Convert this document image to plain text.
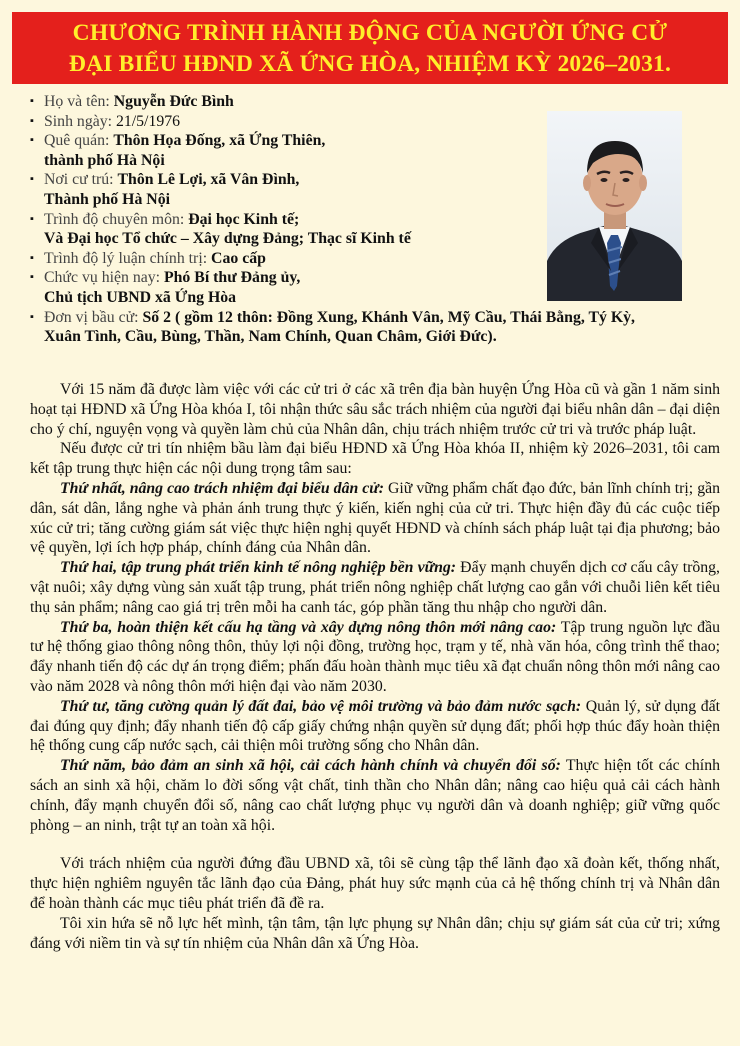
CHƯƠNG TRÌNH HÀNH ĐỘNG CỦA NGƯỜI ỨNG CỬ
ĐẠI BIỂU HĐND XÃ ỨNG HÒA, NHIỆM KỲ 2026–2031.
▪ Họ và tên: Nguyễn Đức Bình
▪ Sinh ngày: 21/5/1976
▪ Quê quán: Thôn Họa Đống, xã Ứng Thiên,
thành phố Hà Nội
▪ Nơi cư trú: Thôn Lê Lợi, xã Vân Đình,
Thành phố Hà Nội
▪ Trình độ chuyên môn: Đại học Kinh tế;
Và Đại học Tổ chức – Xây dựng Đảng; Thạc sĩ Kinh tế
▪ Trình độ lý luận chính trị: Cao cấp
▪ Chức vụ hiện nay: Phó Bí thư Đảng ủy,
Chủ tịch UBND xã Ứng Hòa
▪ Đơn vị bầu cử: Số 2 ( gồm 12 thôn: Đồng Xung, Khánh Vân, Mỹ Cầu, Thái Bằng, Tý Kỳ,
Xuân Tình, Cầu, Bùng, Thần, Nam Chính, Quan Châm, Giới Đức).

Với 15 năm đã được làm việc với các cử tri ở các xã trên địa bàn huyện Ứng Hòa cũ và gần 1 năm sinh hoạt tại HĐND xã Ứng Hòa khóa I, tôi nhận thức sâu sắc trách nhiệm của người đại biểu nhân dân – đại diện cho ý chí, nguyện vọng và quyền làm chủ của Nhân dân, chịu trách nhiệm trước cử tri và trước pháp luật.

Nếu được cử tri tín nhiệm bầu làm đại biểu HĐND xã Ứng Hòa khóa II, nhiệm kỳ 2026–2031, tôi cam kết tập trung thực hiện các nội dung trọng tâm sau:

Thứ nhất, nâng cao trách nhiệm đại biểu dân cử: Giữ vững phẩm chất đạo đức, bản lĩnh chính trị; gần dân, sát dân, lắng nghe và phản ánh trung thực ý kiến, kiến nghị của cử tri. Thực hiện đầy đủ các cuộc tiếp xúc cử tri; tăng cường giám sát việc thực hiện nghị quyết HĐND và chính sách pháp luật tại địa phương; bảo vệ quyền, lợi ích hợp pháp, chính đáng của Nhân dân.

Thứ hai, tập trung phát triển kinh tế nông nghiệp bền vững: Đẩy mạnh chuyển dịch cơ cấu cây trồng, vật nuôi; xây dựng vùng sản xuất tập trung, phát triển nông nghiệp chất lượng cao gắn với chuỗi liên kết tiêu thụ sản phẩm; nâng cao giá trị trên mỗi ha canh tác, góp phần tăng thu nhập cho người dân.

Thứ ba, hoàn thiện kết cấu hạ tầng và xây dựng nông thôn mới nâng cao: Tập trung nguồn lực đầu tư hệ thống giao thông nông thôn, thủy lợi nội đồng, trường học, trạm y tế, nhà văn hóa, công trình thể thao; đẩy nhanh tiến độ các dự án trọng điểm; phấn đấu hoàn thành mục tiêu xã đạt chuẩn nông thôn mới nâng cao vào năm 2028 và nông thôn mới hiện đại vào năm 2030.

Thứ tư, tăng cường quản lý đất đai, bảo vệ môi trường và bảo đảm nước sạch: Quản lý, sử dụng đất đai đúng quy định; đẩy nhanh tiến độ cấp giấy chứng nhận quyền sử dụng đất; phối hợp thúc đẩy hoàn thiện hệ thống cung cấp nước sạch, cải thiện môi trường sống cho Nhân dân.

Thứ năm, bảo đảm an sinh xã hội, cải cách hành chính và chuyển đổi số: Thực hiện tốt các chính sách an sinh xã hội, chăm lo đời sống vật chất, tinh thần cho Nhân dân; nâng cao hiệu quả cải cách hành chính, đẩy mạnh chuyển đổi số, nâng cao chất lượng phục vụ người dân và doanh nghiệp; giữ vững quốc phòng – an ninh, trật tự an toàn xã hội.

Với trách nhiệm của người đứng đầu UBND xã, tôi sẽ cùng tập thể lãnh đạo xã đoàn kết, thống nhất, thực hiện nghiêm nguyên tắc lãnh đạo của Đảng, phát huy sức mạnh của cả hệ thống chính trị và Nhân dân để hoàn thành các mục tiêu phát triển đã đề ra.

Tôi xin hứa sẽ nỗ lực hết mình, tận tâm, tận lực phụng sự Nhân dân; chịu sự giám sát của cử tri; xứng đáng với niềm tin và sự tín nhiệm của Nhân dân xã Ứng Hòa.
